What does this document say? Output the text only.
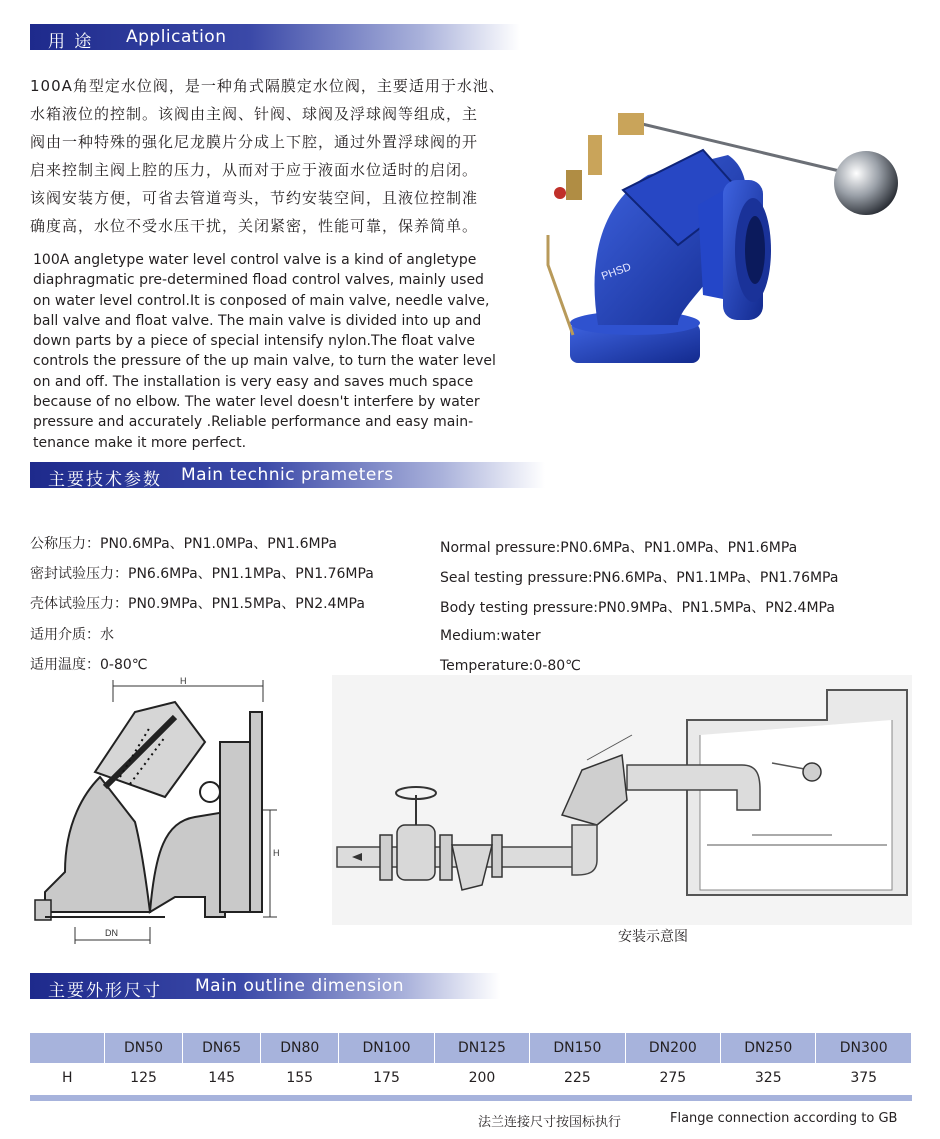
用 途 Application
100A角型定水位阀，是一种角式隔膜定水位阀，主要适用于水池、
水箱液位的控制。该阀由主阀、针阀、球阀及浮球阀等组成，主
阀由一种特殊的强化尼龙膜片分成上下腔，通过外置浮球阀的开
启来控制主阀上腔的压力，从而对于应于液面水位适时的启闭。
该阀安装方便，可省去管道弯头，节约安装空间，且液位控制准
确度高，水位不受水压干扰，关闭紧密，性能可靠，保养简单。
100A angletype water level control valve is a kind of angletype
diaphragmatic pre-determined fload control valves, mainly used
on water level control.It is conposed of main valve, needle valve,
ball valve and float valve. The main valve is divided into up and
down parts by a piece of special intensify nylon.The float valve
controls the pressure of the up main valve, to turn the water level
on and off. The installation is very easy and saves much space
because of no elbow. The water level doesn't interfere by water
pressure and accurately .Reliable performance and easy main-
tenance make it more perfect.
PHSD
主要技术参数 Main technic prameters
公称压力：PN0.6MPa、PN1.0MPa、PN1.6MPa
密封试验压力：PN6.6MPa、PN1.1MPa、PN1.76MPa
壳体试验压力：PN0.9MPa、PN1.5MPa、PN2.4MPa
适用介质：水
适用温度：0-80℃
Normal pressure:PN0.6MPa、PN1.0MPa、PN1.6MPa
Seal testing pressure:PN6.6MPa、PN1.1MPa、PN1.76MPa
Body testing pressure:PN0.9MPa、PN1.5MPa、PN2.4MPa
Medium:water
Temperature:0-80℃
H
H
DN	安装示意图
主要外形尺寸 Main outline dimension
	DN50	DN65	DN80	DN100	DN125	DN150	DN200	DN250	DN300
H	125	145	155	175	200	225	275	325	375
法兰连接尺寸按国标执行	Flange connection according to GB
